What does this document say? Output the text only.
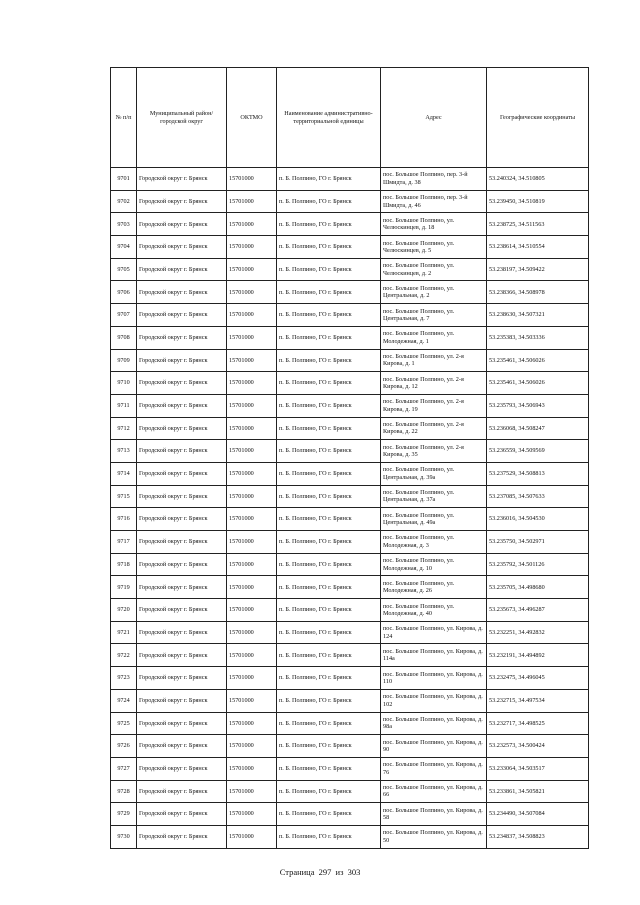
№ п/п	Муниципальный район/городской округ	ОКТМО	Наименование административно-территориальной единицы	Адрес	Географические координаты
9701	Городской округ г. Брянск	15701000	п. Б. Полпино, ГО г. Брянск	пос. Большое Полпино, пер. 3-й Шмидта, д. 38	53.240324, 34.510805
9702	Городской округ г. Брянск	15701000	п. Б. Полпино, ГО г. Брянск	пос. Большое Полпино, пер. 3-й Шмидта, д. 46	53.239450, 34.510819
9703	Городской округ г. Брянск	15701000	п. Б. Полпино, ГО г. Брянск	пос. Большое Полпино, ул. Челюскинцев, д. 18	53.238725, 34.511563
9704	Городской округ г. Брянск	15701000	п. Б. Полпино, ГО г. Брянск	пос. Большое Полпино, ул. Челюскинцев, д. 5	53.238614, 34.510554
9705	Городской округ г. Брянск	15701000	п. Б. Полпино, ГО г. Брянск	пос. Большое Полпино, ул. Челюскинцев, д. 2	53.238197, 34.509422
9706	Городской округ г. Брянск	15701000	п. Б. Полпино, ГО г. Брянск	пос. Большое Полпино, ул. Центральная, д. 2	53.238366, 34.508978
9707	Городской округ г. Брянск	15701000	п. Б. Полпино, ГО г. Брянск	пос. Большое Полпино, ул. Центральная, д. 7	53.238630, 34.507321
9708	Городской округ г. Брянск	15701000	п. Б. Полпино, ГО г. Брянск	пос. Большое Полпино, ул. Молодежная, д. 1	53.235383, 34.503336
9709	Городской округ г. Брянск	15701000	п. Б. Полпино, ГО г. Брянск	пос. Большое Полпино, ул. 2-я Кирова, д. 1	53.235461, 34.506026
9710	Городской округ г. Брянск	15701000	п. Б. Полпино, ГО г. Брянск	пос. Большое Полпино, ул. 2-я Кирова, д. 12	53.235461, 34.506026
9711	Городской округ г. Брянск	15701000	п. Б. Полпино, ГО г. Брянск	пос. Большое Полпино, ул. 2-я Кирова, д. 19	53.235793, 34.506943
9712	Городской округ г. Брянск	15701000	п. Б. Полпино, ГО г. Брянск	пос. Большое Полпино, ул. 2-я Кирова, д. 22	53.236068, 34.508247
9713	Городской округ г. Брянск	15701000	п. Б. Полпино, ГО г. Брянск	пос. Большое Полпино, ул. 2-я Кирова, д. 35	53.236559, 34.509569
9714	Городской округ г. Брянск	15701000	п. Б. Полпино, ГО г. Брянск	пос. Большое Полпино, ул. Центральная, д. 39а	53.237529, 34.508813
9715	Городской округ г. Брянск	15701000	п. Б. Полпино, ГО г. Брянск	пос. Большое Полпино, ул. Центральная, д. 37а	53.237085, 34.507633
9716	Городской округ г. Брянск	15701000	п. Б. Полпино, ГО г. Брянск	пос. Большое Полпино, ул. Центральная, д. 49а	53.236016, 34.504530
9717	Городской округ г. Брянск	15701000	п. Б. Полпино, ГО г. Брянск	пос. Большое Полпино, ул. Молодежная, д. 3	53.235750, 34.502971
9718	Городской округ г. Брянск	15701000	п. Б. Полпино, ГО г. Брянск	пос. Большое Полпино, ул. Молодежная, д. 10	53.235792, 34.501126
9719	Городской округ г. Брянск	15701000	п. Б. Полпино, ГО г. Брянск	пос. Большое Полпино, ул. Молодежная, д. 26	53.235705, 34.498680
9720	Городской округ г. Брянск	15701000	п. Б. Полпино, ГО г. Брянск	пос. Большое Полпино, ул. Молодежная, д. 40	53.235673, 34.496287
9721	Городской округ г. Брянск	15701000	п. Б. Полпино, ГО г. Брянск	пос. Большое Полпино, ул. Кирова, д. 124	53.232251, 34.492832
9722	Городской округ г. Брянск	15701000	п. Б. Полпино, ГО г. Брянск	пос. Большое Полпино, ул. Кирова, д. 114а	53.232191, 34.494892
9723	Городской округ г. Брянск	15701000	п. Б. Полпино, ГО г. Брянск	пос. Большое Полпино, ул. Кирова, д. 110	53.232475, 34.496045
9724	Городской округ г. Брянск	15701000	п. Б. Полпино, ГО г. Брянск	пос. Большое Полпино, ул. Кирова, д. 102	53.232715, 34.497534
9725	Городской округ г. Брянск	15701000	п. Б. Полпино, ГО г. Брянск	пос. Большое Полпино, ул. Кирова, д. 98а	53.232717, 34.498525
9726	Городской округ г. Брянск	15701000	п. Б. Полпино, ГО г. Брянск	пос. Большое Полпино, ул. Кирова, д. 90	53.232573, 34.500424
9727	Городской округ г. Брянск	15701000	п. Б. Полпино, ГО г. Брянск	пос. Большое Полпино, ул. Кирова, д. 76	53.233064, 34.503517
9728	Городской округ г. Брянск	15701000	п. Б. Полпино, ГО г. Брянск	пос. Большое Полпино, ул. Кирова, д. 66	53.233861, 34.505821
9729	Городской округ г. Брянск	15701000	п. Б. Полпино, ГО г. Брянск	пос. Большое Полпино, ул. Кирова, д. 58	53.234490, 34.507084
9730	Городской округ г. Брянск	15701000	п. Б. Полпино, ГО г. Брянск	пос. Большое Полпино, ул. Кирова, д. 50	53.234837, 34.508823
Страница 297 из 303
